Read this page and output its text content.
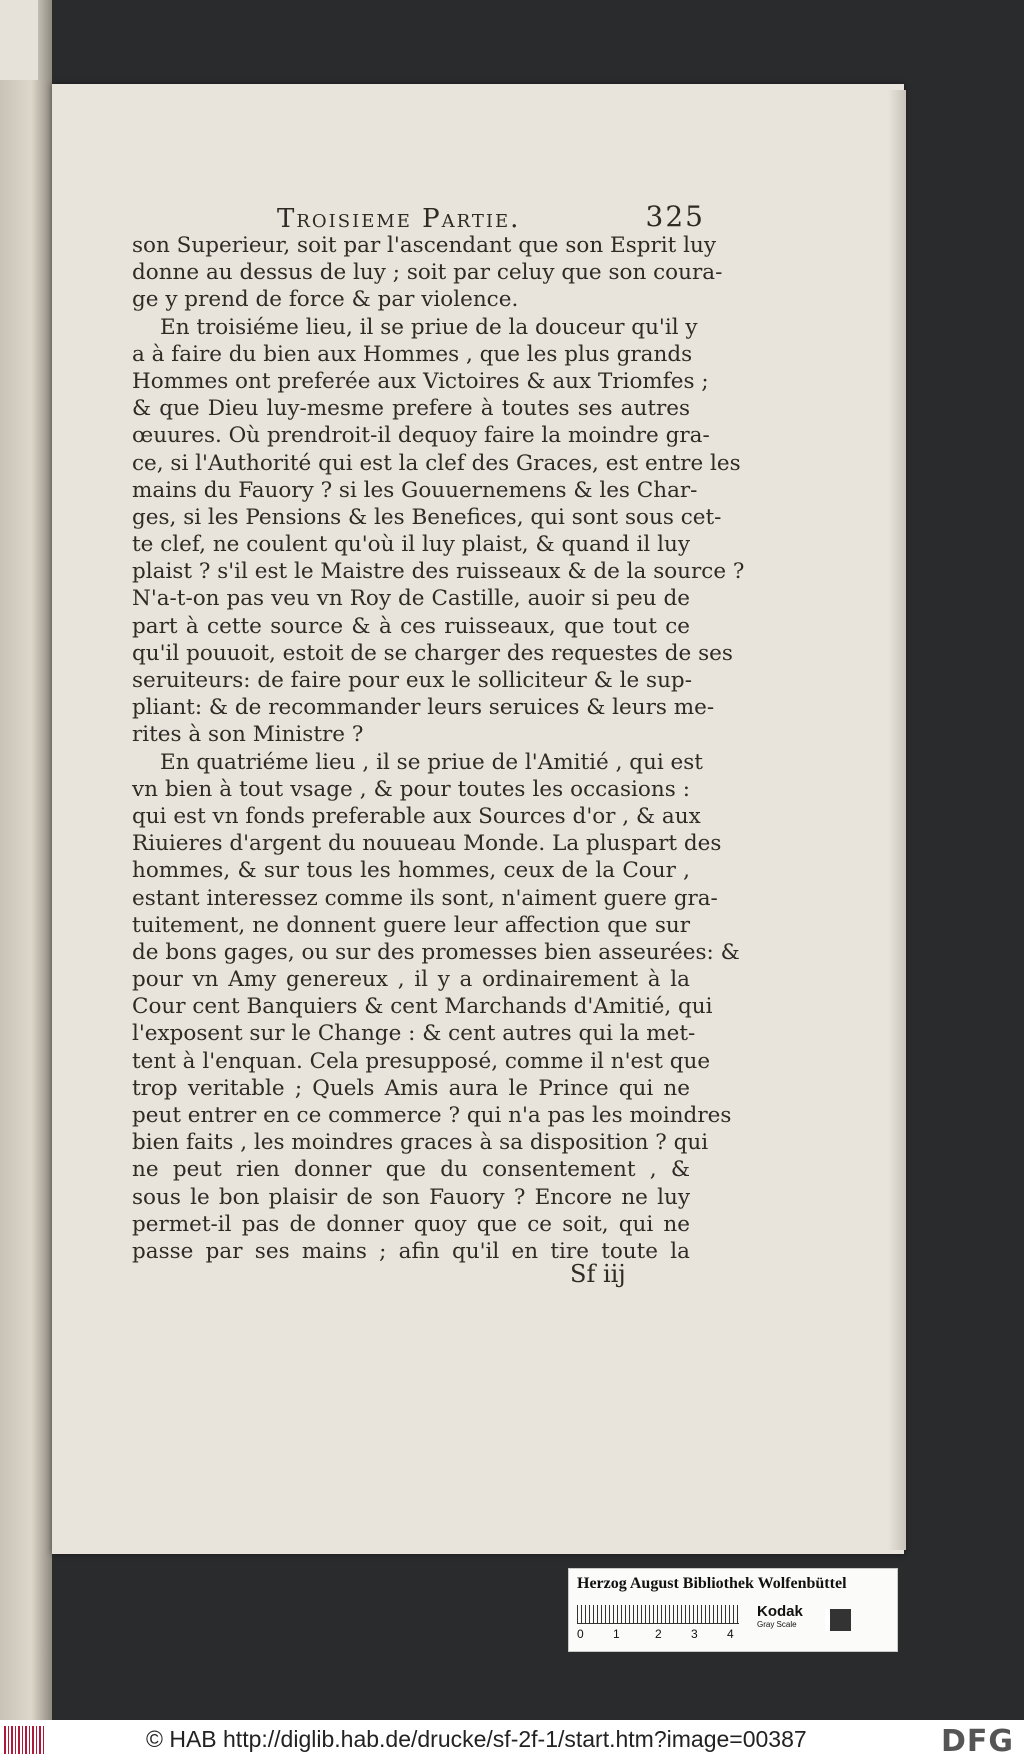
Troisieme Partie.	325
son Superieur, soit par l'ascendant que son Esprit luy
donne au dessus de luy ; soit par celuy que son coura-
ge y prend de force & par violence.
En troisiéme lieu, il se priue de la douceur qu'il y
a à faire du bien aux Hommes , que les plus grands
Hommes ont preferée aux Victoires & aux Triomfes ;
& que Dieu luy-mesme prefere à toutes ses autres
œuures. Où prendroit-il dequoy faire la moindre gra-
ce, si l'Authorité qui est la clef des Graces, est entre les
mains du Fauory ? si les Gouuernemens & les Char-
ges, si les Pensions & les Benefices, qui sont sous cet-
te clef, ne coulent qu'où il luy plaist, & quand il luy
plaist ? s'il est le Maistre des ruisseaux & de la source ?
N'a-t-on pas veu vn Roy de Castille, auoir si peu de
part à cette source & à ces ruisseaux, que tout ce
qu'il pouuoit, estoit de se charger des requestes de ses
seruiteurs: de faire pour eux le solliciteur & le sup-
pliant: & de recommander leurs seruices & leurs me-
rites à son Ministre ?
En quatriéme lieu , il se priue de l'Amitié , qui est
vn bien à tout vsage , & pour toutes les occasions :
qui est vn fonds preferable aux Sources d'or , & aux
Riuieres d'argent du nouueau Monde. La pluspart des
hommes, & sur tous les hommes, ceux de la Cour ,
estant interessez comme ils sont, n'aiment guere gra-
tuitement, ne donnent guere leur affection que sur
de bons gages, ou sur des promesses bien asseurées: &
pour vn Amy genereux , il y a ordinairement à la
Cour cent Banquiers & cent Marchands d'Amitié, qui
l'exposent sur le Change : & cent autres qui la met-
tent à l'enquan. Cela presupposé, comme il n'est que
trop veritable ; Quels Amis aura le Prince qui ne
peut entrer en ce commerce ? qui n'a pas les moindres
bien faits , les moindres graces à sa disposition ? qui
ne peut rien donner que du consentement , &
sous le bon plaisir de son Fauory ? Encore ne luy
permet-il pas de donner quoy que ce soit, qui ne
passe par ses mains ; afin qu'il en tire toute la
Sf iij
Herzog August Bibliothek Wolfenbüttel
0 1	2 3 4
Kodak
Gray Scale
© HAB http://diglib.hab.de/drucke/sf-2f-1/start.htm?image=00387	DFG
